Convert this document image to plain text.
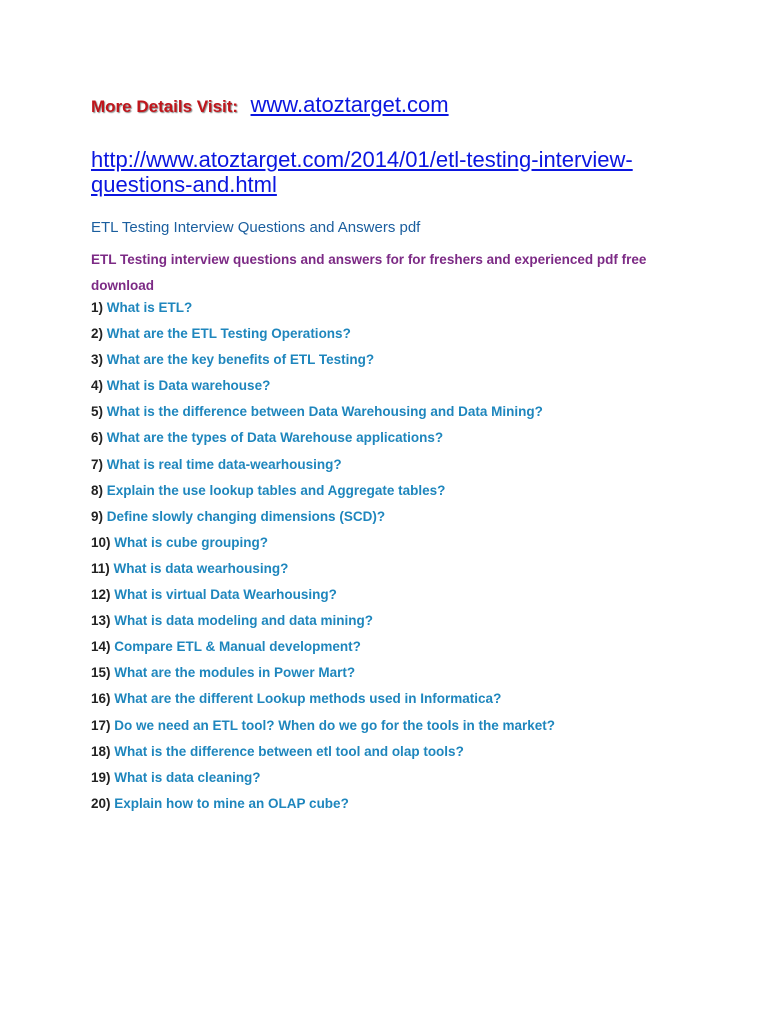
More Details Visit: www.atoztarget.com
http://www.atoztarget.com/2014/01/etl-testing-interview-questions-and.html
ETL Testing Interview Questions and Answers pdf
ETL Testing interview questions and answers for for freshers and experienced pdf free download
1) What is ETL?
2) What are the ETL Testing Operations?
3) What are the key benefits of ETL Testing?
4) What is Data warehouse?
5) What is the difference between Data Warehousing and Data Mining?
6) What are the types of Data Warehouse applications?
7) What is real time data-wearhousing?
8) Explain the use lookup tables and Aggregate tables?
9) Define slowly changing dimensions (SCD)?
10) What is cube grouping?
11) What is data wearhousing?
12) What is virtual Data Wearhousing?
13) What is data modeling and data mining?
14) Compare ETL & Manual development?
15) What are the modules in Power Mart?
16) What are the different Lookup methods used in Informatica?
17) Do we need an ETL tool? When do we go for the tools in the market?
18) What is the difference between etl tool and olap tools?
19) What is data cleaning?
20) Explain how to mine an OLAP cube?
